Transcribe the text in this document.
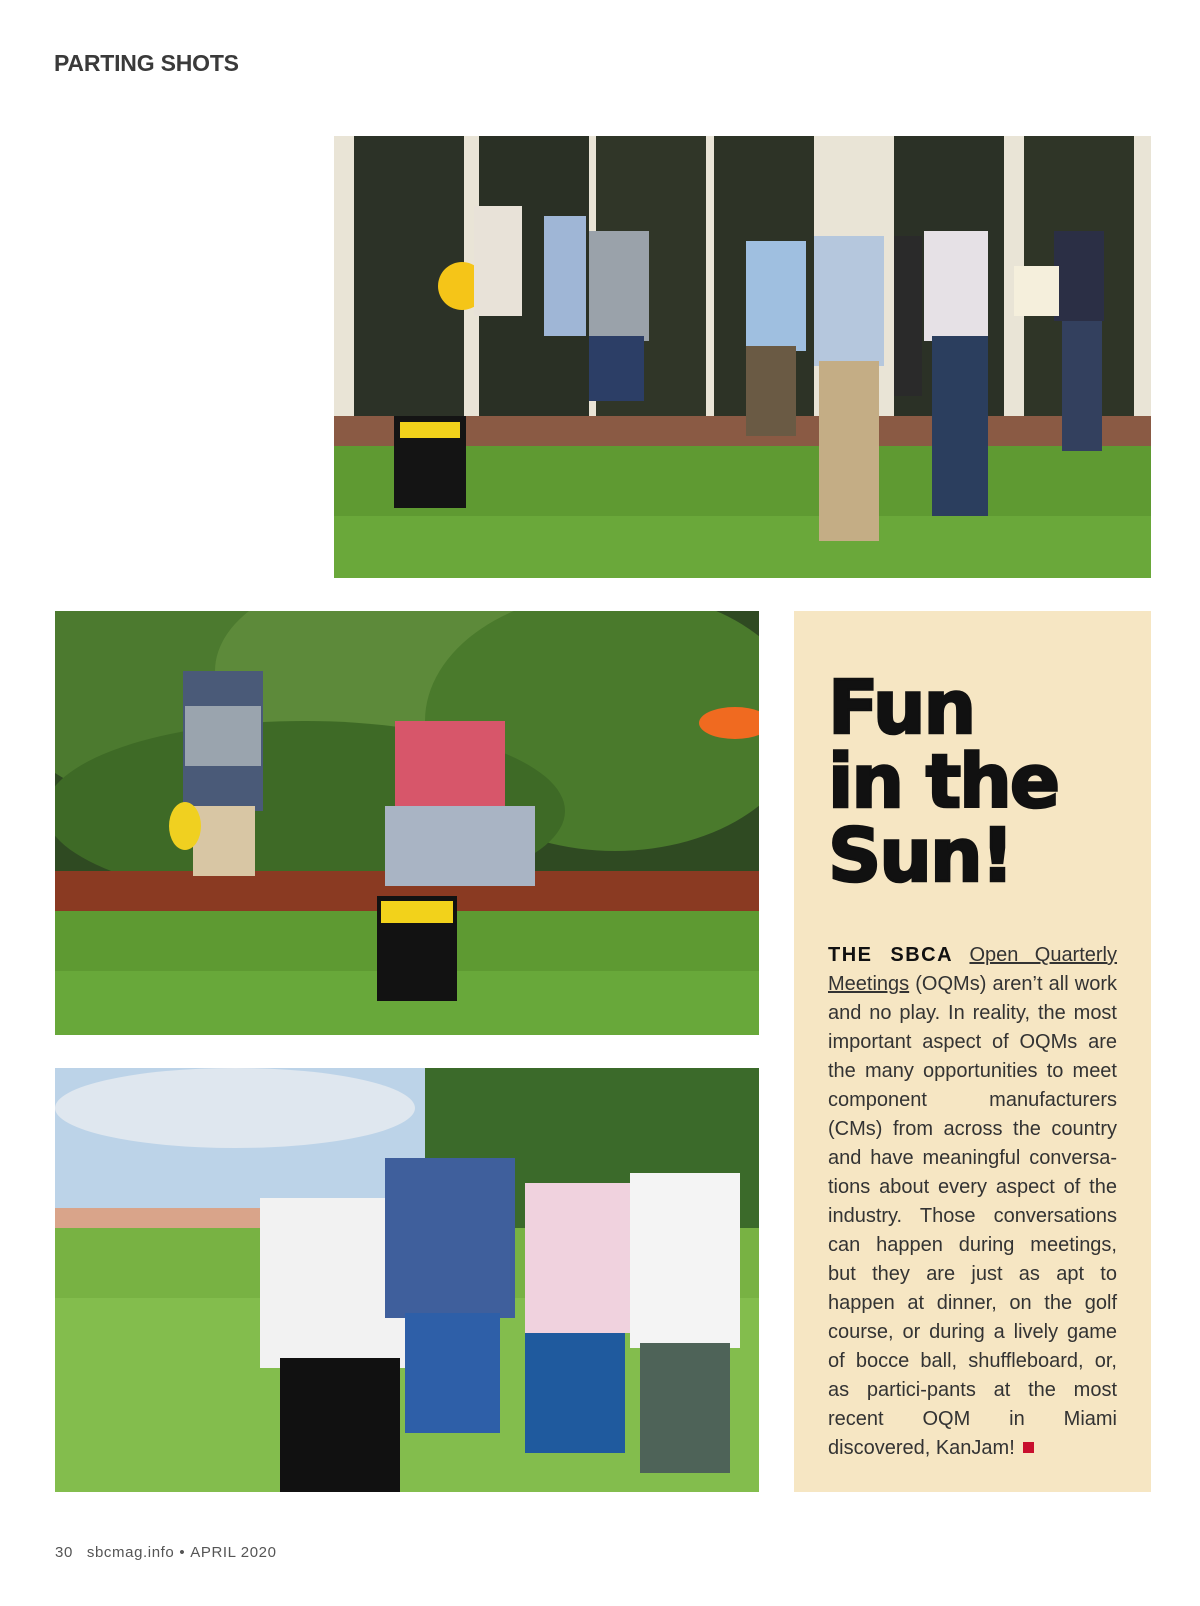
PARTING SHOTS
Fun
in the
Sun!

THE SBCA Open Quarterly Meetings (OQMs) aren’t all work and no play. In reality, the most important aspect of OQMs are the many opportunities to meet component manufacturers (CMs) from across the country and have meaningful conversa-tions about every aspect of the industry. Those conversations can happen during meetings, but they are just as apt to happen at dinner, on the golf course, or during a lively game of bocce ball, shuffleboard, or, as partici-pants at the most recent OQM in Miami discovered, KanJam!

30 sbcmag.info • APRIL 2020
